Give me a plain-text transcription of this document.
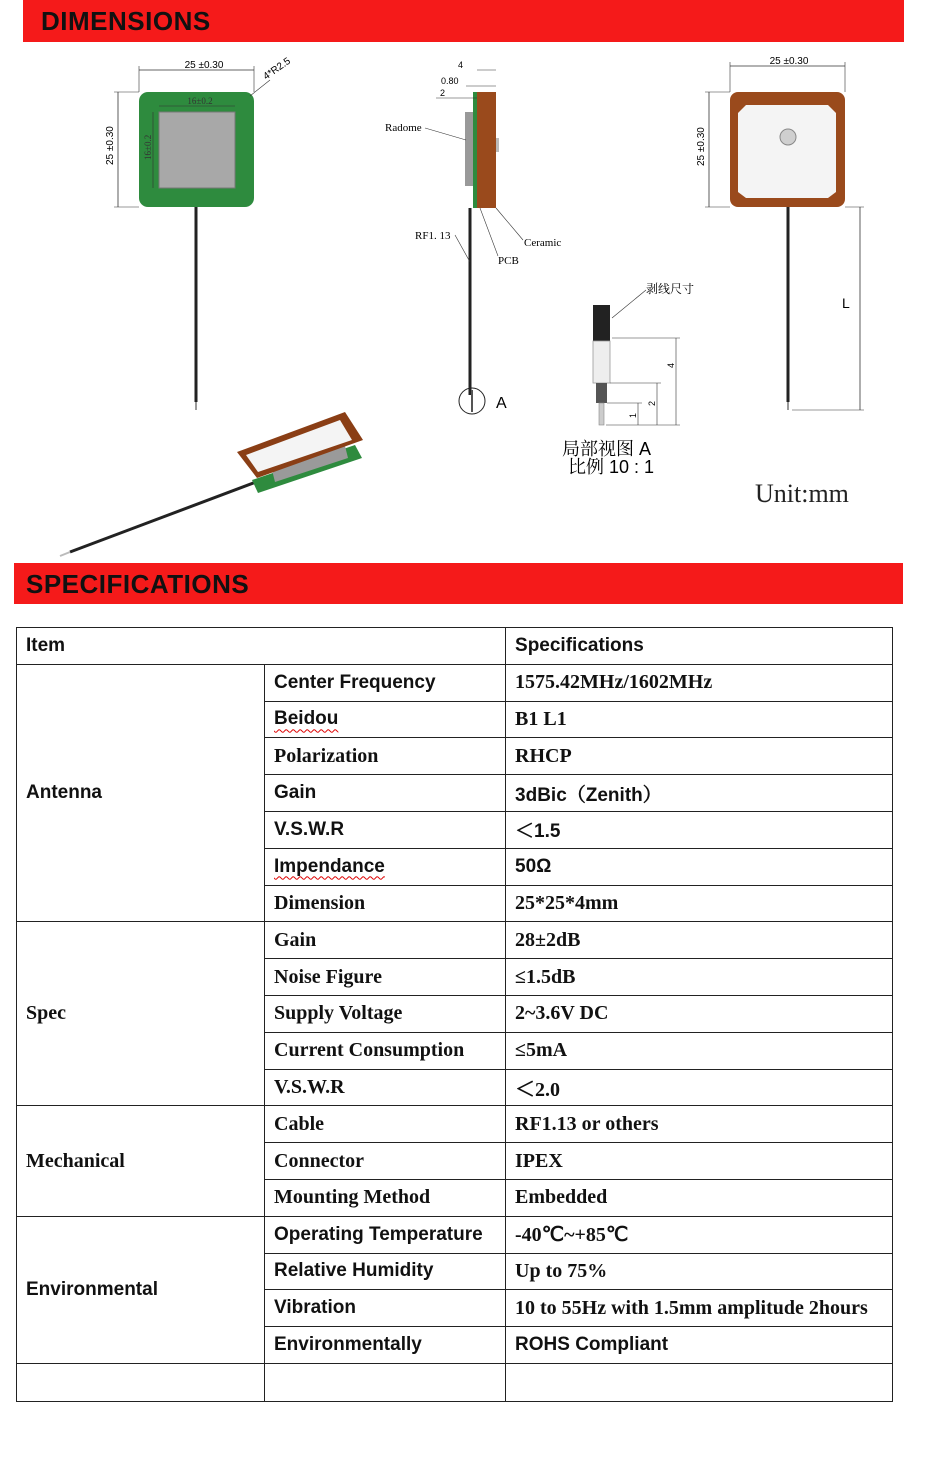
DIMENSIONS
25 ±0.30
16±0.2
4*R2.5
25 ±0.30	16±0.2
A
4
0.80
2
Radome
Ceramic
PCB
RF1. 13
25 ±0.30
25 ±0.30
L
剥线尺寸
4
2
1
局部视图 A
比例 10 : 1
Unit:mm
SPECIFICATIONS
Item		Specifications
Antenna	Center Frequency	1575.42MHz/1602MHz
	Beidou	B1 L1
	Polarization	RHCP
	Gain	3dBic（Zenith）
	V.S.W.R	＜1.5
	Impendance	50Ω
	Dimension	25*25*4mm
Spec	Gain	28±2dB
	Noise Figure	≤1.5dB
	Supply Voltage	2~3.6V DC
	Current Consumption	≤5mA
	V.S.W.R	＜2.0
Mechanical	Cable	RF1.13 or others
	Connector	IPEX
	Mounting Method	Embedded
Environmental	Operating Temperature	-40℃~+85℃
	Relative Humidity	Up to 75%
	Vibration	10 to 55Hz with 1.5mm amplitude 2hours
	Environmentally	ROHS Compliant
